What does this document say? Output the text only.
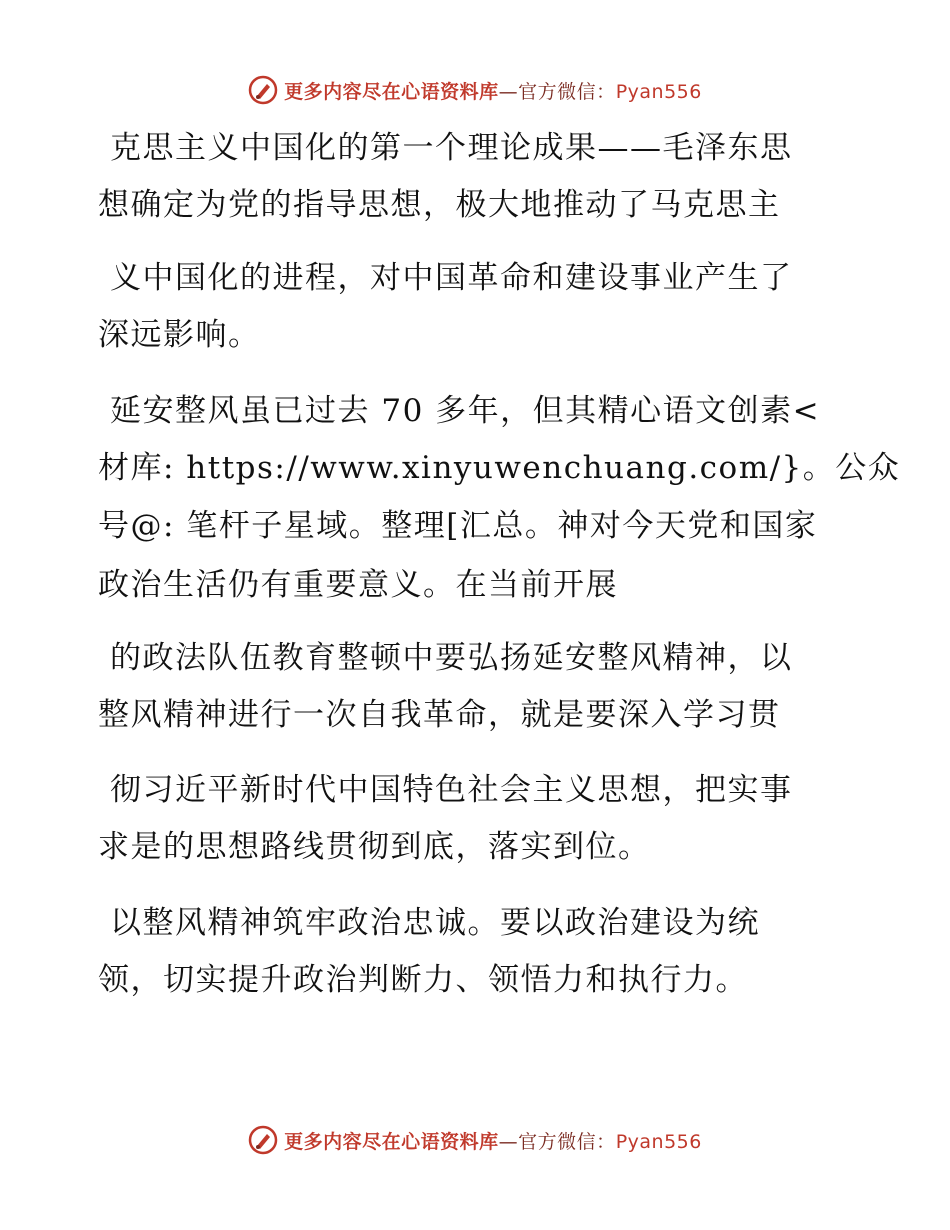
更多内容尽在心语资料库—官方微信：Pyan556
克思主义中国化的第一个理论成果——毛泽东思
想确定为党的指导思想，极大地推动了马克思主
义中国化的进程，对中国革命和建设事业产生了
深远影响。
延安整风虽已过去 70 多年，但其精心语文创素<
材库: https://www.xinyuwenchuang.com/}。公众
号@: 笔杆子星域。整理[汇总。神对今天党和国家
政治生活仍有重要意义。在当前开展
的政法队伍教育整顿中要弘扬延安整风精神，以
整风精神进行一次自我革命，就是要深入学习贯
彻习近平新时代中国特色社会主义思想，把实事
求是的思想路线贯彻到底，落实到位。
以整风精神筑牢政治忠诚。要以政治建设为统
领，切实提升政治判断力、领悟力和执行力。
更多内容尽在心语资料库—官方微信：Pyan556
